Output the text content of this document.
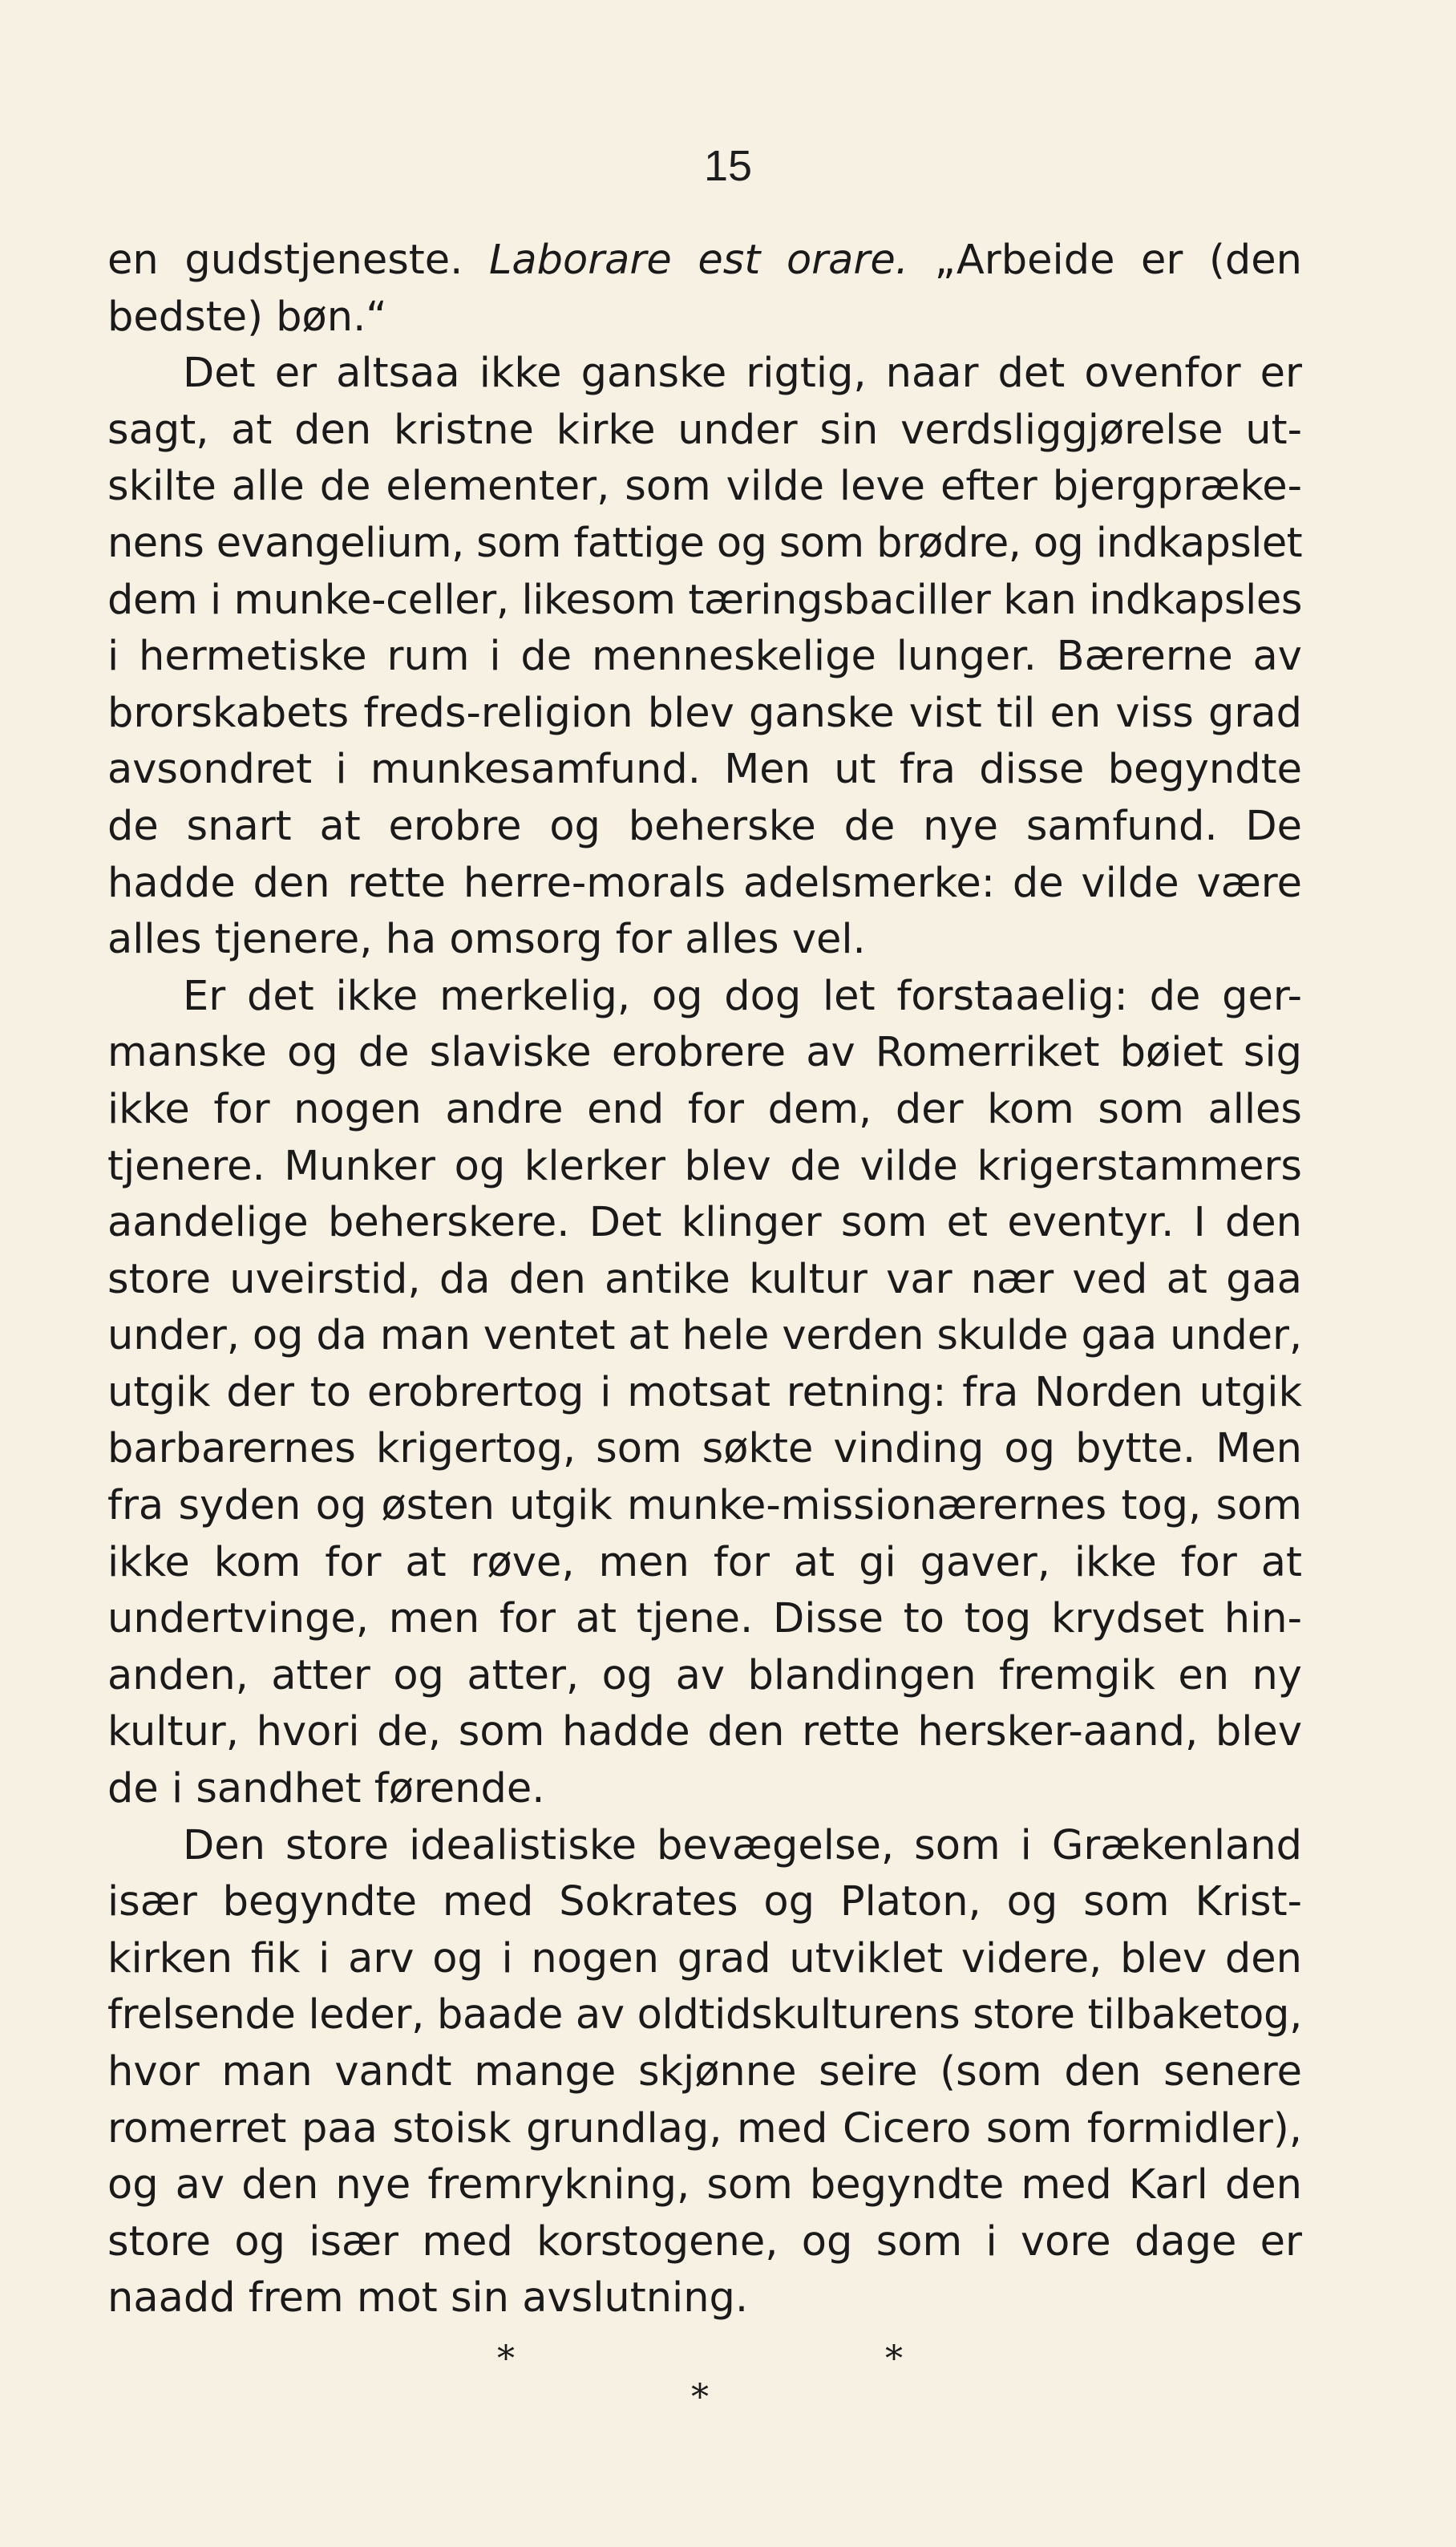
15
en gudstjeneste. Laborare est orare. „Arbeide er (den
bedste) bøn.“
Det er altsaa ikke ganske rigtig, naar det ovenfor er
sagt, at den kristne kirke under sin verdsliggjørelse ut-
skilte alle de elementer, som vilde leve efter bjergpræke-
nens evangelium, som fattige og som brødre, og indkapslet
dem i munke-celler, likesom tæringsbaciller kan indkapsles
i hermetiske rum i de menneskelige lunger. Bærerne av
brorskabets freds-religion blev ganske vist til en viss grad
avsondret i munkesamfund. Men ut fra disse begyndte
de snart at erobre og beherske de nye samfund. De
hadde den rette herre-morals adelsmerke: de vilde være
alles tjenere, ha omsorg for alles vel.
Er det ikke merkelig, og dog let forstaaelig: de ger-
manske og de slaviske erobrere av Romerriket bøiet sig
ikke for nogen andre end for dem, der kom som alles
tjenere. Munker og klerker blev de vilde krigerstammers
aandelige beherskere. Det klinger som et eventyr. I den
store uveirstid, da den antike kultur var nær ved at gaa
under, og da man ventet at hele verden skulde gaa under,
utgik der to erobrertog i motsat retning: fra Norden utgik
barbarernes krigertog, som søkte vinding og bytte. Men
fra syden og østen utgik munke-missionærernes tog, som
ikke kom for at røve, men for at gi gaver, ikke for at
undertvinge, men for at tjene. Disse to tog krydset hin-
anden, atter og atter, og av blandingen fremgik en ny
kultur, hvori de, som hadde den rette hersker-aand, blev
de i sandhet førende.
Den store idealistiske bevægelse, som i Grækenland
især begyndte med Sokrates og Platon, og som Krist-
kirken fik i arv og i nogen grad utviklet videre, blev den
frelsende leder, baade av oldtidskulturens store tilbaketog,
hvor man vandt mange skjønne seire (som den senere
romerret paa stoisk grundlag, med Cicero som formidler),
og av den nye fremrykning, som begyndte med Karl den
store og især med korstogene, og som i vore dage er
naadd frem mot sin avslutning.
*	*
*
